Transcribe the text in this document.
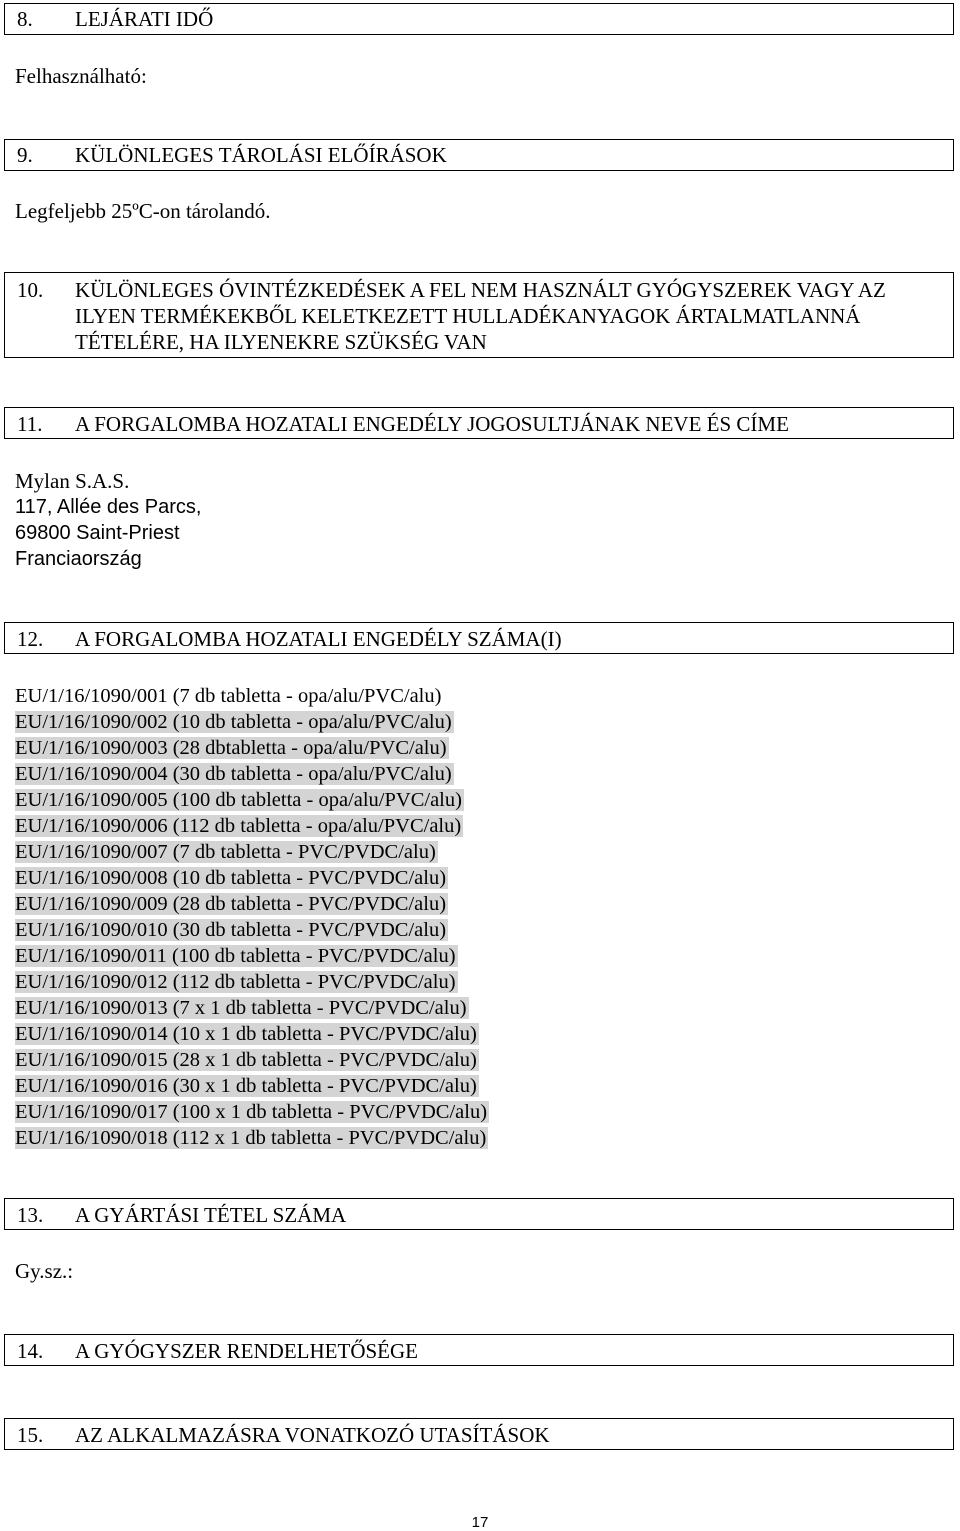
8. LEJÁRATI IDŐ
Felhasználható:
9. KÜLÖNLEGES TÁROLÁSI ELŐÍRÁSOK
Legfeljebb 25ºC-on tárolandó.
10. KÜLÖNLEGES ÓVINTÉZKEDÉSEK A FEL NEM HASZNÁLT GYÓGYSZEREK VAGY AZ ILYEN TERMÉKEKBŐL KELETKEZETT HULLADÉKANYAGOK ÁRTALMATLANNÁ TÉTELÉRE, HA ILYENEKRE SZÜKSÉG VAN
11. A FORGALOMBA HOZATALI ENGEDÉLY JOGOSULTJÁNAK NEVE ÉS CÍME
Mylan S.A.S.
117, Allée des Parcs,
69800 Saint-Priest
Franciaország
12. A FORGALOMBA HOZATALI ENGEDÉLY SZÁMA(I)
EU/1/16/1090/001 (7 db tabletta - opa/alu/PVC/alu)
EU/1/16/1090/002 (10 db tabletta - opa/alu/PVC/alu)
EU/1/16/1090/003 (28 dbtabletta - opa/alu/PVC/alu)
EU/1/16/1090/004 (30 db tabletta - opa/alu/PVC/alu)
EU/1/16/1090/005 (100 db tabletta - opa/alu/PVC/alu)
EU/1/16/1090/006 (112 db tabletta - opa/alu/PVC/alu)
EU/1/16/1090/007 (7 db tabletta - PVC/PVDC/alu)
EU/1/16/1090/008 (10 db tabletta - PVC/PVDC/alu)
EU/1/16/1090/009 (28 db tabletta - PVC/PVDC/alu)
EU/1/16/1090/010 (30 db tabletta - PVC/PVDC/alu)
EU/1/16/1090/011 (100 db tabletta - PVC/PVDC/alu)
EU/1/16/1090/012 (112 db tabletta - PVC/PVDC/alu)
EU/1/16/1090/013 (7 x 1 db tabletta - PVC/PVDC/alu)
EU/1/16/1090/014 (10 x 1 db tabletta - PVC/PVDC/alu)
EU/1/16/1090/015 (28 x 1 db tabletta - PVC/PVDC/alu)
EU/1/16/1090/016 (30 x 1 db tabletta - PVC/PVDC/alu)
EU/1/16/1090/017 (100 x 1 db tabletta - PVC/PVDC/alu)
EU/1/16/1090/018 (112 x 1 db tabletta - PVC/PVDC/alu)
13. A GYÁRTÁSI TÉTEL SZÁMA
Gy.sz.:
14. A GYÓGYSZER RENDELHETŐSÉGE
15. AZ ALKALMAZÁSRA VONATKOZÓ UTASÍTÁSOK
17
